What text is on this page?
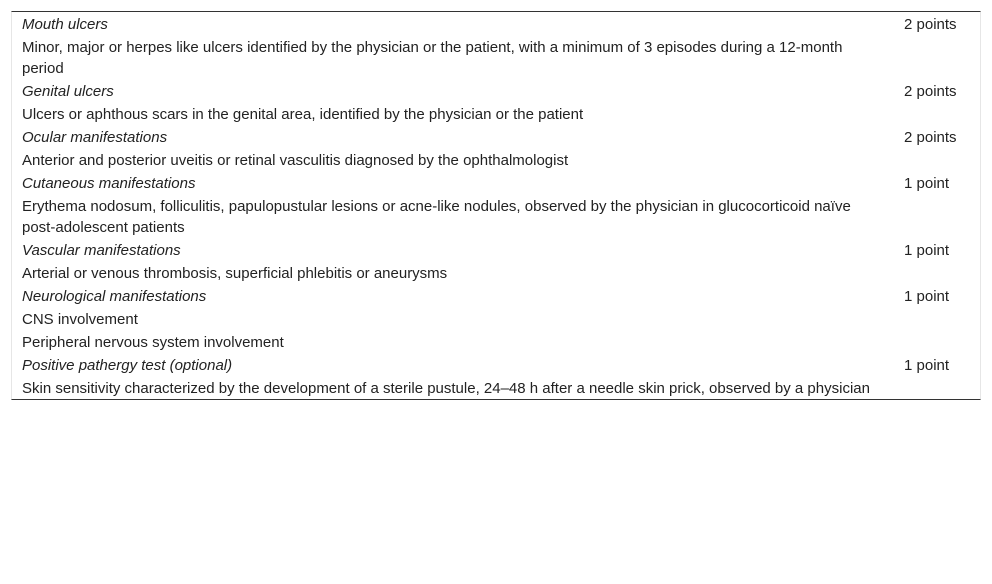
Mouth ulcers	2 points
Minor, major or herpes like ulcers identified by the physician or the patient, with a minimum of 3 episodes during a 12-month period	
Genital ulcers	2 points
Ulcers or aphthous scars in the genital area, identified by the physician or the patient	
Ocular manifestations	2 points
Anterior and posterior uveitis or retinal vasculitis diagnosed by the ophthalmologist	
Cutaneous manifestations	1 point
Erythema nodosum, folliculitis, papulopustular lesions or acne-like nodules, observed by the physician in glucocorticoid naïve post-adolescent patients	
Vascular manifestations	1 point
Arterial or venous thrombosis, superficial phlebitis or aneurysms	
Neurological manifestations	1 point
CNS involvement	
Peripheral nervous system involvement	
Positive pathergy test (optional)	1 point
Skin sensitivity characterized by the development of a sterile pustule, 24–48 h after a needle skin prick, observed by a physician	
